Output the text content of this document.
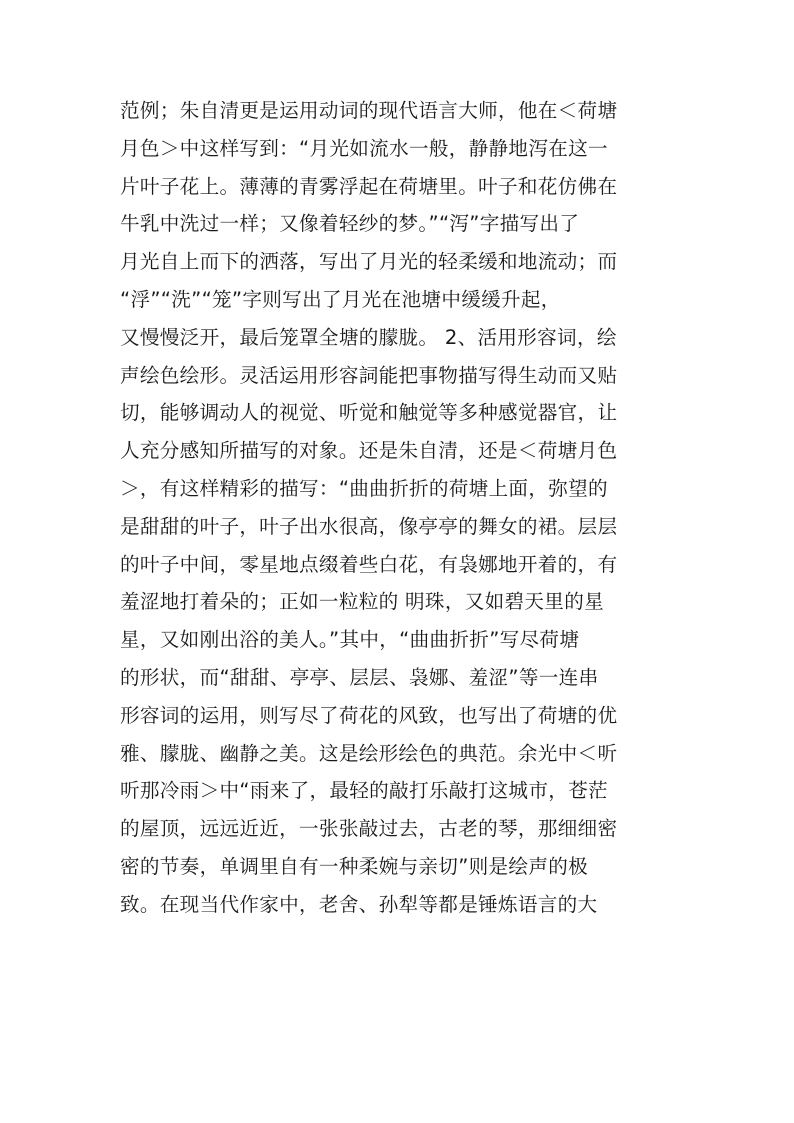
范例；朱自清更是运用动词的现代语言大师，他在＜荷塘
月色＞中这样写到：“月光如流水一般，静静地泻在这一
片叶子花上。薄薄的青雾浮起在荷塘里。叶子和花仿佛在
牛乳中洗过一样；又像着轻纱的梦。”“泻”字描写出了
月光自上而下的洒落，写出了月光的轻柔缓和地流动；而
“浮”“洗”“笼”字则写出了月光在池塘中缓缓升起，
又慢慢泛开，最后笼罩全塘的朦胧。 2、活用形容词，绘
声绘色绘形。灵活运用形容詞能把事物描写得生动而又贴
切，能够调动人的视觉、听觉和触觉等多种感觉器官，让
人充分感知所描写的对象。还是朱自清，还是＜荷塘月色
＞，有这样精彩的描写：“曲曲折折的荷塘上面，弥望的
是甜甜的叶子，叶子出水很高，像亭亭的舞女的裙。层层
的叶子中间，零星地点缀着些白花，有袅娜地开着的，有
羞涩地打着朵的；正如一粒粒的 明珠，又如碧天里的星
星，又如刚出浴的美人。”其中，“曲曲折折”写尽荷塘
的形状，而“甜甜、亭亭、层层、袅娜、羞涩”等一连串
形容词的运用，则写尽了荷花的风致，也写出了荷塘的优
雅、朦胧、幽静之美。这是绘形绘色的典范。余光中＜听
听那冷雨＞中“雨来了，最轻的敲打乐敲打这城市，苍茫
的屋顶，远远近近，一张张敲过去，古老的琴，那细细密
密的节奏，单调里自有一种柔婉与亲切”则是绘声的极
致。在现当代作家中，老舍、孙犁等都是锤炼语言的大
